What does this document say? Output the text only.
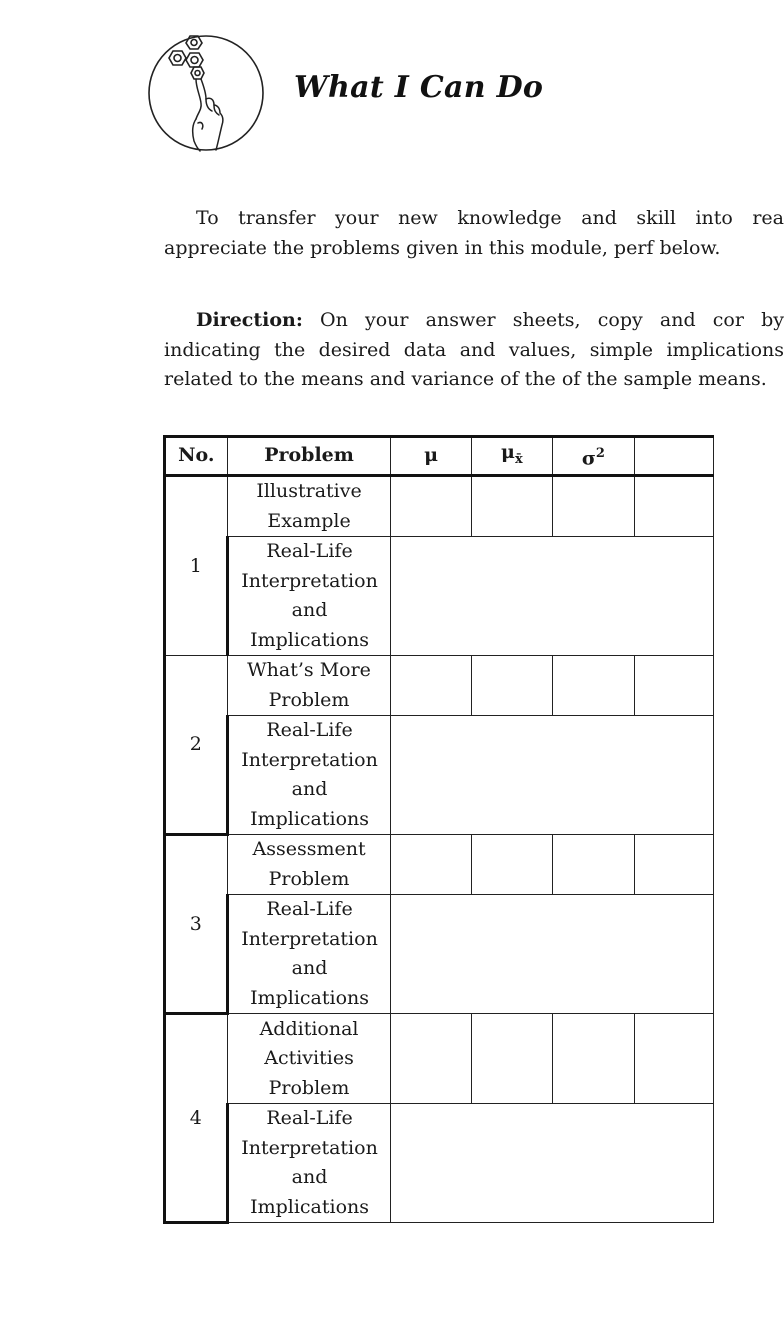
What I Can Do

To transfer your new knowledge and skill into rea appreciate the problems given in this module, perf below.

Direction: On your answer sheets, copy and cor by indicating the desired data and values, simple implications related to the means and variance of the of the sample means.

No.	Problem	μ	$\mu_{x̄}$	$\sigma^2$	
1	Illustrative Example				
	Real-Life Interpretation and Implications				
2	What’s More Problem				
	Real-Life Interpretation and Implications				
3	Assessment Problem				
	Real-Life Interpretation and Implications				
4	Additional Activities Problem				
	Real-Life Interpretation and Implications				
